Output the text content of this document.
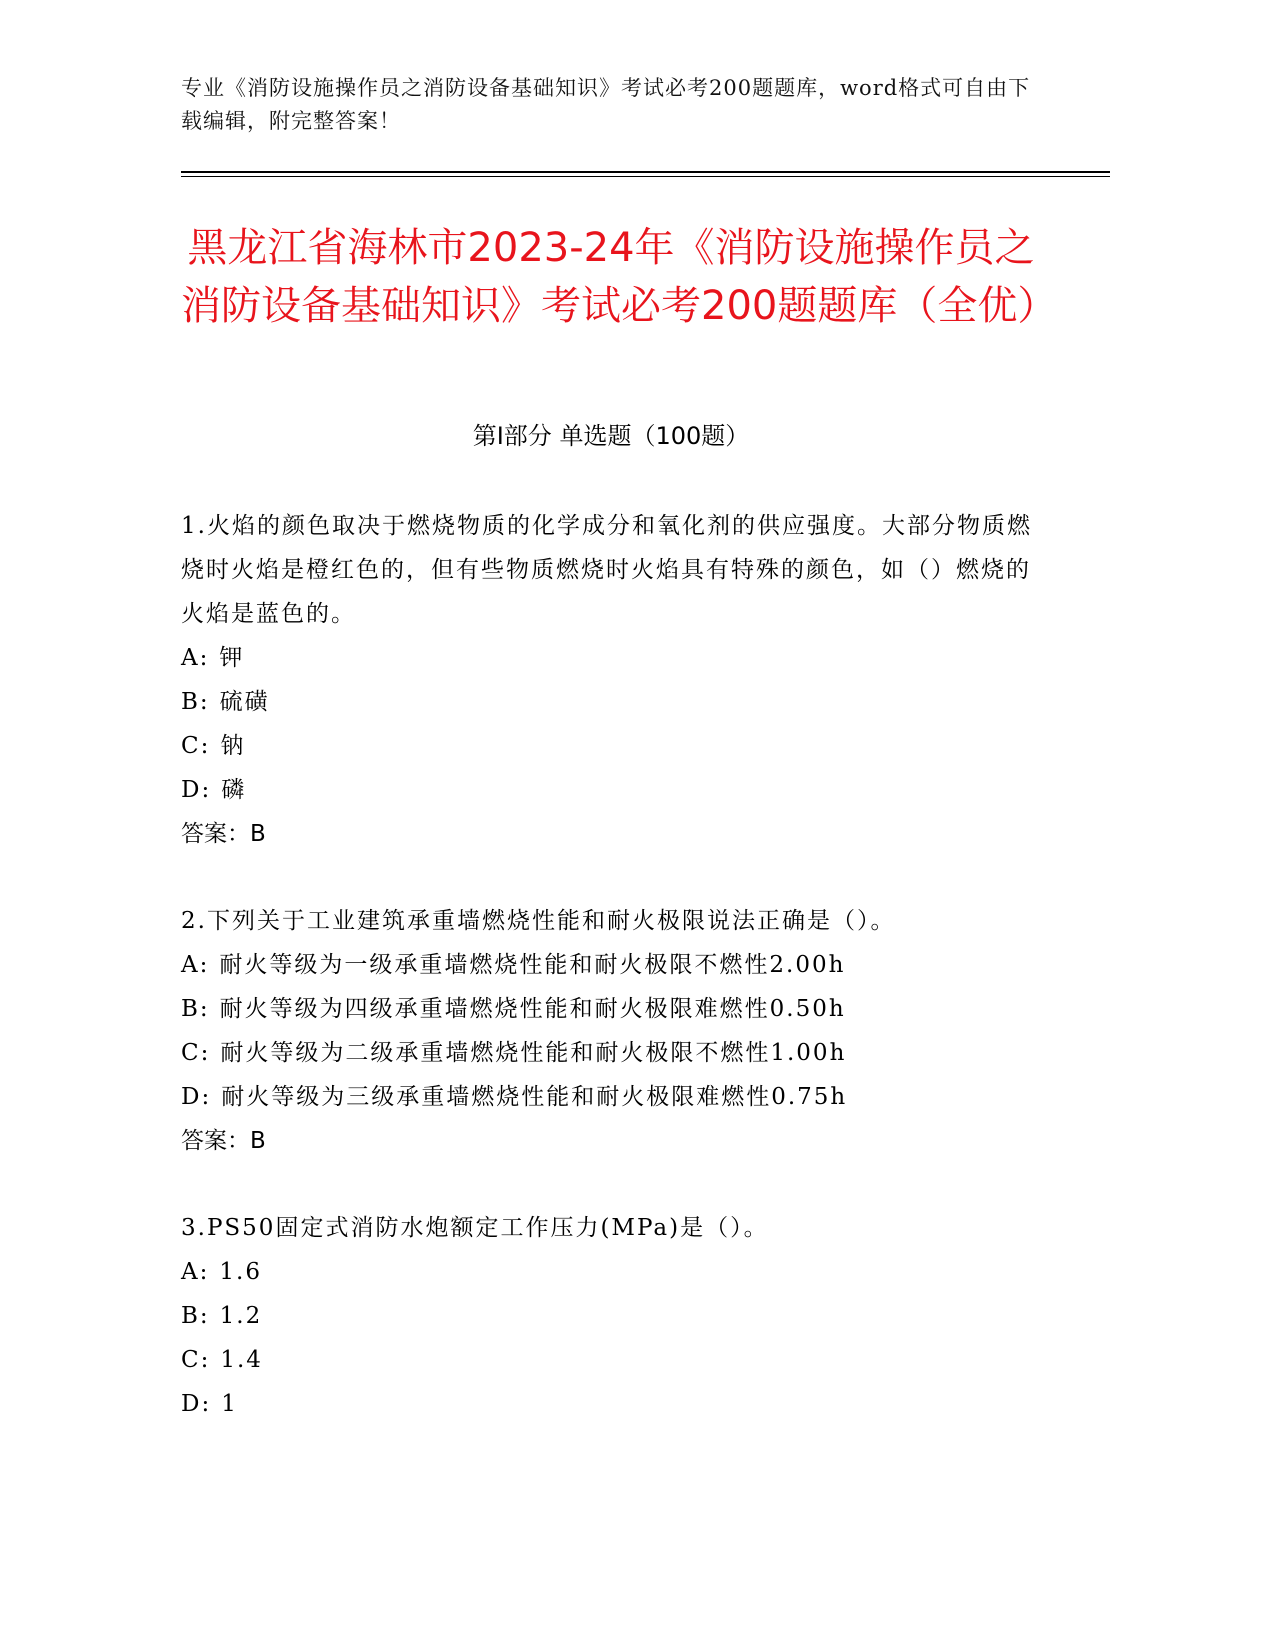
专业《消防设施操作员之消防设备基础知识》考试必考200题题库，word格式可自由下载编辑，附完整答案！
黑龙江省海林市2023-24年《消防设施操作员之消防设备基础知识》考试必考200题题库（全优）
第Ⅰ部分 单选题（100题）

1.火焰的颜色取决于燃烧物质的化学成分和氧化剂的供应强度。大部分物质燃烧时火焰是橙红色的，但有些物质燃烧时火焰具有特殊的颜色，如（）燃烧的火焰是蓝色的。

A: 钾

B: 硫磺

C: 钠

D: 磷

答案：B

2.下列关于工业建筑承重墙燃烧性能和耐火极限说法正确是（）。

A: 耐火等级为一级承重墙燃烧性能和耐火极限不燃性2.00h

B: 耐火等级为四级承重墙燃烧性能和耐火极限难燃性0.50h

C: 耐火等级为二级承重墙燃烧性能和耐火极限不燃性1.00h

D: 耐火等级为三级承重墙燃烧性能和耐火极限难燃性0.75h

答案：B

3.PS50固定式消防水炮额定工作压力(MPa)是（）。

A: 1.6

B: 1.2

C: 1.4

D: 1
